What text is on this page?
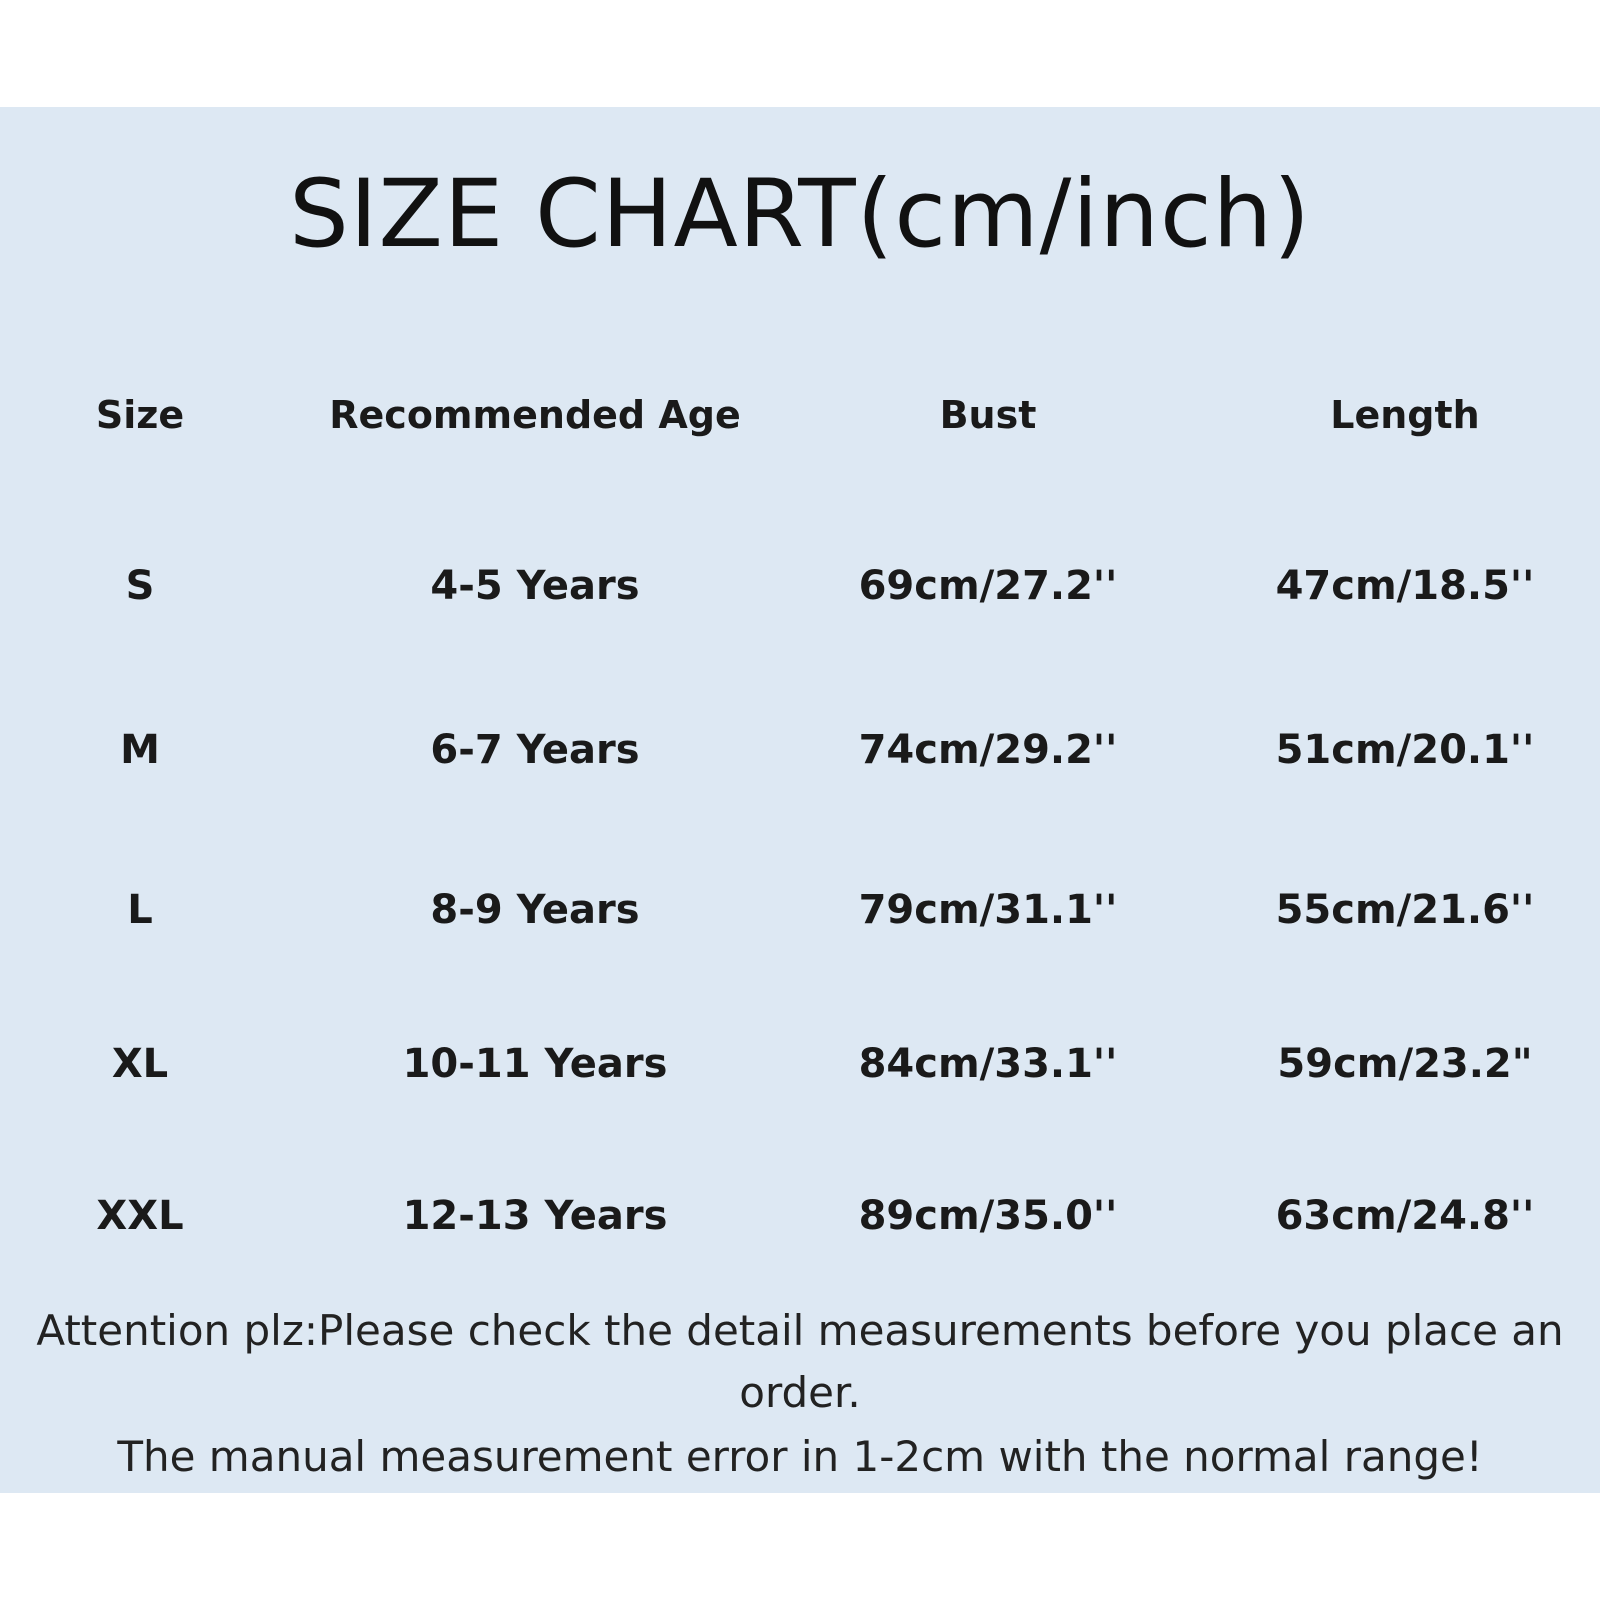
SIZE CHART(cm/inch)
Size	Recommended Age	Bust	Length
S	4-5 Years	69cm/27.2''	47cm/18.5''
M	6-7 Years	74cm/29.2''	51cm/20.1''
L	8-9 Years	79cm/31.1''	55cm/21.6''
XL	10-11 Years	84cm/33.1''	59cm/23.2"
XXL	12-13 Years	89cm/35.0''	63cm/24.8''
Attention plz:Please check the detail measurements before you place an
order.
The manual measurement error in 1-2cm with the normal range!
